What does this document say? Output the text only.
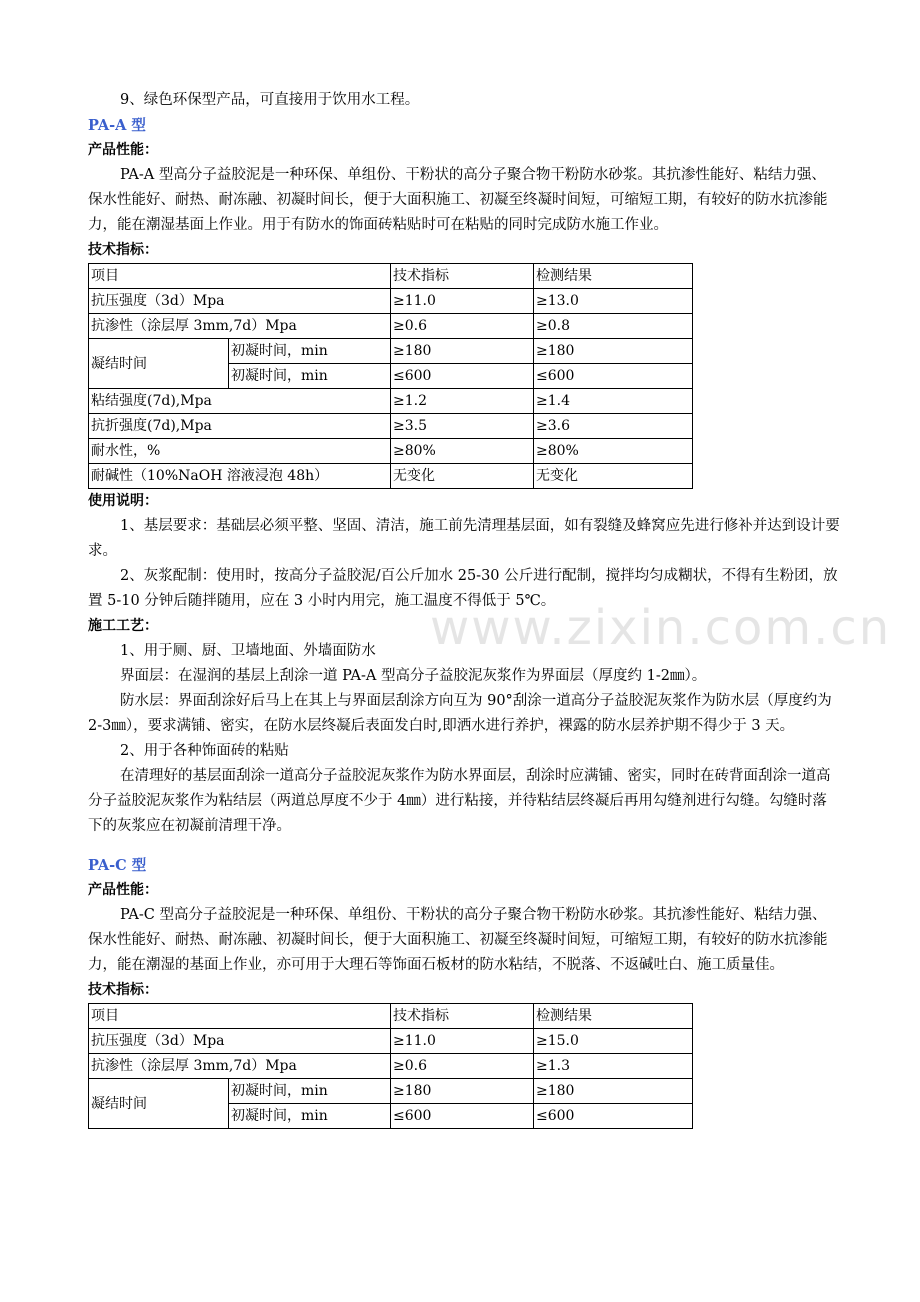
www.zixin.com.cn

9、绿色环保型产品，可直接用于饮用水工程。

PA-A 型
产品性能：

PA-A 型高分子益胶泥是一种环保、单组份、干粉状的高分子聚合物干粉防水砂浆。其抗渗性能好、粘结力强、保水性能好、耐热、耐冻融、初凝时间长，便于大面积施工、初凝至终凝时间短，可缩短工期，有较好的防水抗渗能力，能在潮湿基面上作业。用于有防水的饰面砖粘贴时可在粘贴的同时完成防水施工作业。

技术指标：
项目		技术指标	检测结果
抗压强度（3d）Mpa		≥11.0	≥13.0
抗渗性（涂层厚 3mm,7d）Mpa		≥0.6	≥0.8
凝结时间	初凝时间，min	≥180	≥180
	初凝时间，min	≤600	≤600
粘结强度(7d),Mpa		≥1.2	≥1.4
抗折强度(7d),Mpa		≥3.5	≥3.6
耐水性，%		≥80%	≥80%
耐碱性（10%NaOH 溶液浸泡 48h）		无变化	无变化
使用说明：

1、基层要求：基础层必须平整、坚固、清洁，施工前先清理基层面，如有裂缝及蜂窝应先进行修补并达到设计要求。

2、灰浆配制：使用时，按高分子益胶泥/百公斤加水 25-30 公斤进行配制，搅拌均匀成糊状，不得有生粉团，放置 5-10 分钟后随拌随用，应在 3 小时内用完，施工温度不得低于 5℃。

施工工艺：

1、用于厕、厨、卫墙地面、外墙面防水

界面层：在湿润的基层上刮涂一道 PA-A 型高分子益胶泥灰浆作为界面层（厚度约 1-2㎜）。

防水层：界面刮涂好后马上在其上与界面层刮涂方向互为 90°刮涂一道高分子益胶泥灰浆作为防水层（厚度约为 2-3㎜），要求满铺、密实，在防水层终凝后表面发白时,即洒水进行养护，裸露的防水层养护期不得少于 3 天。

2、用于各种饰面砖的粘贴

在清理好的基层面刮涂一道高分子益胶泥灰浆作为防水界面层，刮涂时应满铺、密实，同时在砖背面刮涂一道高分子益胶泥灰浆作为粘结层（两道总厚度不少于 4㎜）进行粘接，并待粘结层终凝后再用勾缝剂进行勾缝。勾缝时落下的灰浆应在初凝前清理干净。

PA-C 型
产品性能：

PA-C 型高分子益胶泥是一种环保、单组份、干粉状的高分子聚合物干粉防水砂浆。其抗渗性能好、粘结力强、保水性能好、耐热、耐冻融、初凝时间长，便于大面积施工、初凝至终凝时间短，可缩短工期，有较好的防水抗渗能力，能在潮湿的基面上作业，亦可用于大理石等饰面石板材的防水粘结，不脱落、不返碱吐白、施工质量佳。

技术指标：
项目		技术指标	检测结果
抗压强度（3d）Mpa		≥11.0	≥15.0
抗渗性（涂层厚 3mm,7d）Mpa		≥0.6	≥1.3
凝结时间	初凝时间，min	≥180	≥180
	初凝时间，min	≤600	≤600
